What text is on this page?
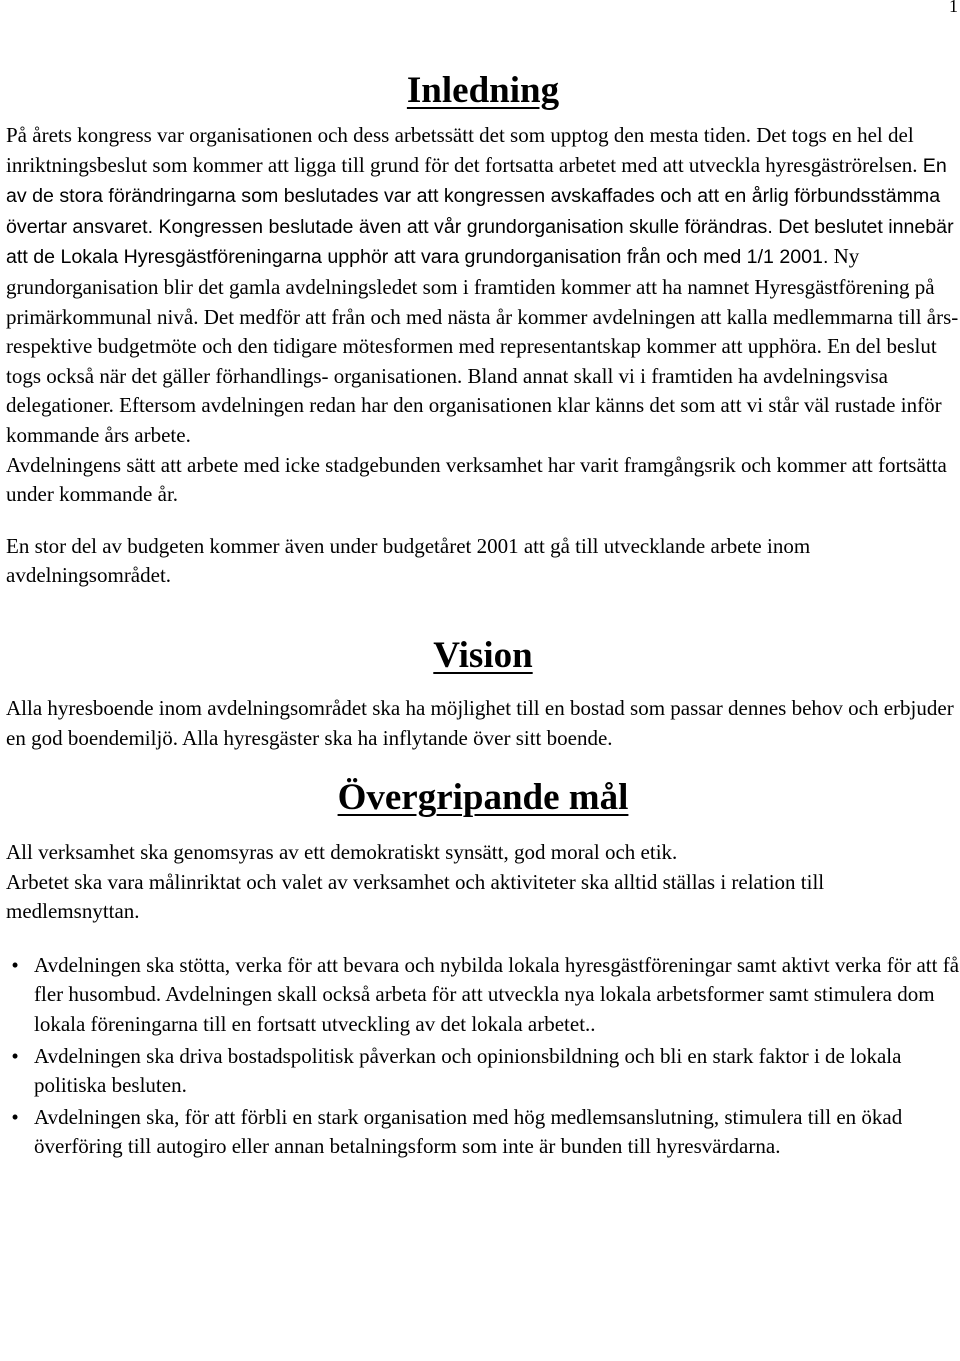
1
Inledning

På årets kongress var organisationen och dess arbetssätt det som upptog den mesta tiden. Det togs en hel del inriktningsbeslut som kommer att ligga till grund för det fortsatta arbetet med att utveckla hyresgäströrelsen. En av de stora förändringarna som beslutades var att kongressen avskaffades och att en årlig förbundsstämma övertar ansvaret. Kongressen beslutade även att vår grundorganisation skulle förändras. Det beslutet innebär att de Lokala Hyresgästföreningarna upphör att vara grundorganisation från och med 1/1 2001. Ny grundorganisation blir det gamla avdelningsledet som i framtiden kommer att ha namnet Hyresgästförening på primärkommunal nivå. Det medför att från och med nästa år kommer avdelningen att kalla medlemmarna till års- respektive budgetmöte och den tidigare mötesformen med representantskap kommer att upphöra. En del beslut togs också när det gäller förhandlings- organisationen. Bland annat skall vi i framtiden ha avdelningsvisa delegationer. Eftersom avdelningen redan har den organisationen klar känns det som att vi står väl rustade inför kommande års arbete.

Avdelningens sätt att arbete med icke stadgebunden verksamhet har varit framgångsrik och kommer att fortsätta under kommande år.

En stor del av budgeten kommer även under budgetåret 2001 att gå till utvecklande arbete inom avdelningsområdet.

Vision

Alla hyresboende inom avdelningsområdet ska ha möjlighet till en bostad som passar dennes behov och erbjuder en god boendemiljö. Alla hyresgäster ska ha inflytande över sitt boende.

Övergripande mål

All verksamhet ska genomsyras av ett demokratiskt synsätt, god moral och etik.

Arbetet ska vara målinriktat och valet av verksamhet och aktiviteter ska alltid ställas i relation till medlemsnyttan.

• Avdelningen ska stötta, verka för att bevara och nybilda lokala hyresgästföreningar samt aktivt verka för att få fler husombud. Avdelningen skall också arbeta för att utveckla nya lokala arbetsformer samt stimulera dom lokala föreningarna till en fortsatt utveckling av det lokala arbetet..
• Avdelningen ska driva bostadspolitisk påverkan och opinionsbildning och bli en stark faktor i de lokala politiska besluten.
• Avdelningen ska, för att förbli en stark organisation med hög medlemsanslutning, stimulera till en ökad överföring till autogiro eller annan betalningsform som inte är bunden till hyresvärdarna.
